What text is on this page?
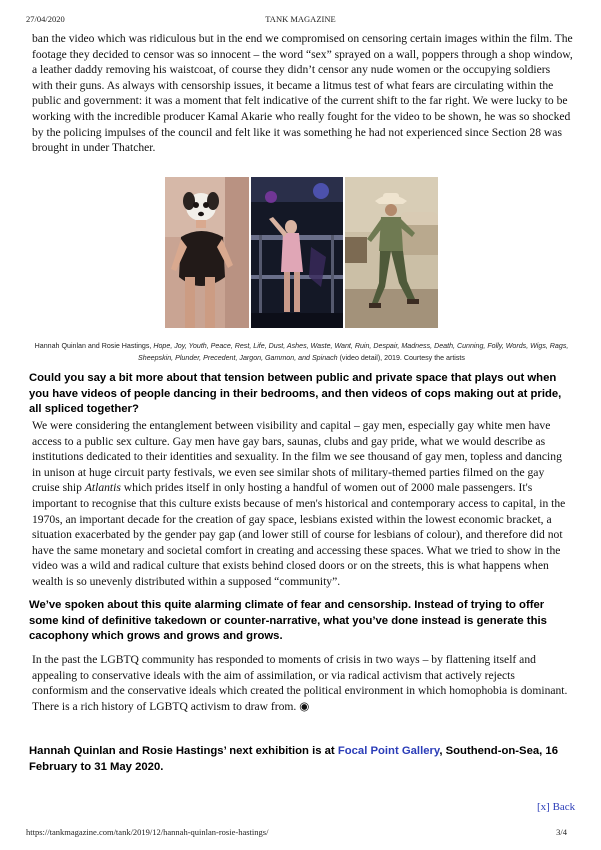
27/04/2020	TANK MAGAZINE

ban the video which was ridiculous but in the end we compromised on censoring certain images within the film. The footage they decided to censor was so innocent – the word “sex” sprayed on a wall, poppers through a shop window, a leather daddy removing his waistcoat, of course they didn’t censor any nude women or the occupying soldiers with their guns. As always with censorship issues, it became a litmus test of what fears are circulating within the public and government: it was a moment that felt indicative of the current shift to the far right. We were lucky to be working with the incredible producer Kamal Akarie who really fought for the video to be shown, he was so shocked by the policing impulses of the council and felt like it was something he had not experienced since Section 28 was brought in under Thatcher.

Hannah Quinlan and Rosie Hastings, Hope, Joy, Youth, Peace, Rest, Life, Dust, Ashes, Waste, Want, Ruin, Despair, Madness, Death, Cunning, Folly, Words, Wigs, Rags, Sheepskin, Plunder, Precedent, Jargon, Gammon, and Spinach (video detail), 2019. Courtesy the artists

Could you say a bit more about that tension between public and private space that plays out when you have videos of people dancing in their bedrooms, and then videos of cops making out at pride, all spliced together?

We were considering the entanglement between visibility and capital – gay men, especially gay white men have access to a public sex culture. Gay men have gay bars, saunas, clubs and gay pride, what we would describe as institutions dedicated to their identities and sexuality. In the film we see thousand of gay men, topless and dancing in unison at huge circuit party festivals, we even see similar shots of military-themed parties filmed on the gay cruise ship Atlantis which prides itself in only hosting a handful of women out of 2000 male passengers. It's important to recognise that this culture exists because of men's historical and contemporary access to capital, in the 1970s, an important decade for the creation of gay space, lesbians existed within the lowest economic bracket, a situation exacerbated by the gender pay gap (and lower still of course for lesbians of colour), and therefore did not have the same monetary and societal comfort in creating and accessing these spaces. What we tried to show in the video was a wild and radical culture that exists behind closed doors or on the streets, this is what happens when wealth is so unevenly distributed within a supposed “community”.

We’ve spoken about this quite alarming climate of fear and censorship. Instead of trying to offer some kind of definitive takedown or counter-narrative, what you’ve done instead is generate this cacophony which grows and grows and grows.

In the past the LGBTQ community has responded to moments of crisis in two ways – by flattening itself and appealing to conservative ideals with the aim of assimilation, or via radical activism that actively rejects conformism and the conservative ideals which created the political environment in which homophobia is dominant. There is a rich history of LGBTQ activism to draw from. ◉

Hannah Quinlan and Rosie Hastings’ next exhibition is at Focal Point Gallery, Southend-on-Sea, 16 February to 31 May 2020.

[x] Back
https://tankmagazine.com/tank/2019/12/hannah-quinlan-rosie-hastings/	3/4
